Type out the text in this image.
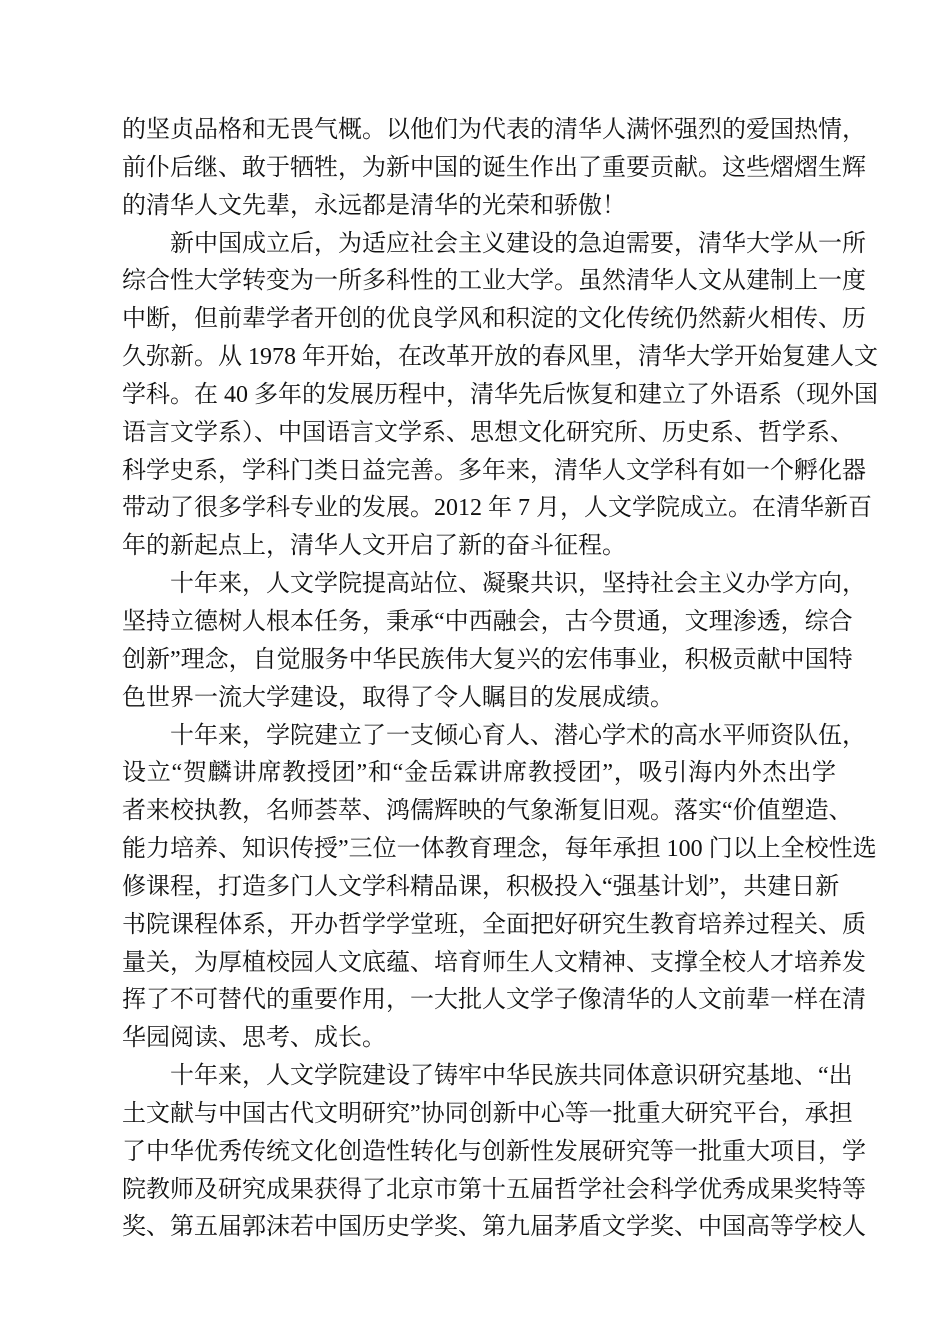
的坚贞品格和无畏气概。以他们为代表的清华人满怀强烈的爱国热情，
前仆后继、敢于牺牲，为新中国的诞生作出了重要贡献。这些熠熠生辉
的清华人文先辈，永远都是清华的光荣和骄傲！
新中国成立后，为适应社会主义建设的急迫需要，清华大学从一所
综合性大学转变为一所多科性的工业大学。虽然清华人文从建制上一度
中断，但前辈学者开创的优良学风和积淀的文化传统仍然薪火相传、历
久弥新。从 1978 年开始，在改革开放的春风里，清华大学开始复建人文
学科。在 40 多年的发展历程中，清华先后恢复和建立了外语系（现外国
语言文学系）、中国语言文学系、思想文化研究所、历史系、哲学系、
科学史系，学科门类日益完善。多年来，清华人文学科有如一个孵化器
带动了很多学科专业的发展。2012 年 7 月，人文学院成立。在清华新百
年的新起点上，清华人文开启了新的奋斗征程。
十年来，人文学院提高站位、凝聚共识，坚持社会主义办学方向，
坚持立德树人根本任务，秉承“中西融会，古今贯通，文理渗透，综合
创新”理念，自觉服务中华民族伟大复兴的宏伟事业，积极贡献中国特
色世界一流大学建设，取得了令人瞩目的发展成绩。
十年来，学院建立了一支倾心育人、潜心学术的高水平师资队伍，
设立“贺麟讲席教授团”和“金岳霖讲席教授团”，吸引海内外杰出学
者来校执教，名师荟萃、鸿儒辉映的气象渐复旧观。落实“价值塑造、
能力培养、知识传授”三位一体教育理念，每年承担 100 门以上全校性选
修课程，打造多门人文学科精品课，积极投入“强基计划”，共建日新
书院课程体系，开办哲学学堂班，全面把好研究生教育培养过程关、质
量关，为厚植校园人文底蕴、培育师生人文精神、支撑全校人才培养发
挥了不可替代的重要作用，一大批人文学子像清华的人文前辈一样在清
华园阅读、思考、成长。
十年来，人文学院建设了铸牢中华民族共同体意识研究基地、“出
土文献与中国古代文明研究”协同创新中心等一批重大研究平台，承担
了中华优秀传统文化创造性转化与创新性发展研究等一批重大项目，学
院教师及研究成果获得了北京市第十五届哲学社会科学优秀成果奖特等
奖、第五届郭沫若中国历史学奖、第九届茅盾文学奖、中国高等学校人
